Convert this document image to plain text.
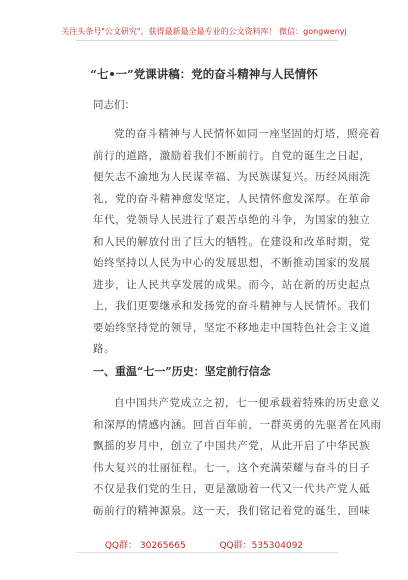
关注头条号"公文研究"，获得最新最全最专业的公文资料库！ 微信：gongwenyj
“七•一”党课讲稿：党的奋斗精神与人民情怀
同志们：
党的奋斗精神与人民情怀如同一座坚固的灯塔，照亮着
前行的道路，激励着我们不断前行。自党的诞生之日起，
便矢志不渝地为人民谋幸福、为民族谋复兴。历经风雨洗
礼，党的奋斗精神愈发坚定，人民情怀愈发深厚。在革命
年代，党领导人民进行了艰苦卓绝的斗争，为国家的独立
和人民的解放付出了巨大的牺牲。在建设和改革时期，党
始终坚持以人民为中心的发展思想，不断推动国家的发展
进步，让人民共享发展的成果。而今，站在新的历史起点
上，我们更要继承和发扬党的奋斗精神与人民情怀。我们
要始终坚持党的领导，坚定不移地走中国特色社会主义道
路。
一、重温“七一”历史：坚定前行信念
自中国共产党成立之初，七一便承载着特殊的历史意义
和深厚的情感内涵。回首百年前，一群英勇的先驱者在风雨
飘摇的岁月中，创立了中国共产党，从此开启了中华民族
伟大复兴的壮丽征程。七一，这个充满荣耀与奋斗的日子
不仅是我们党的生日，更是激励着一代又一代共产党人砥
砺前行的精神源泉。这一天，我们铭记着党的诞生，回味
QQ群： 30265665	QQ群：535304092
